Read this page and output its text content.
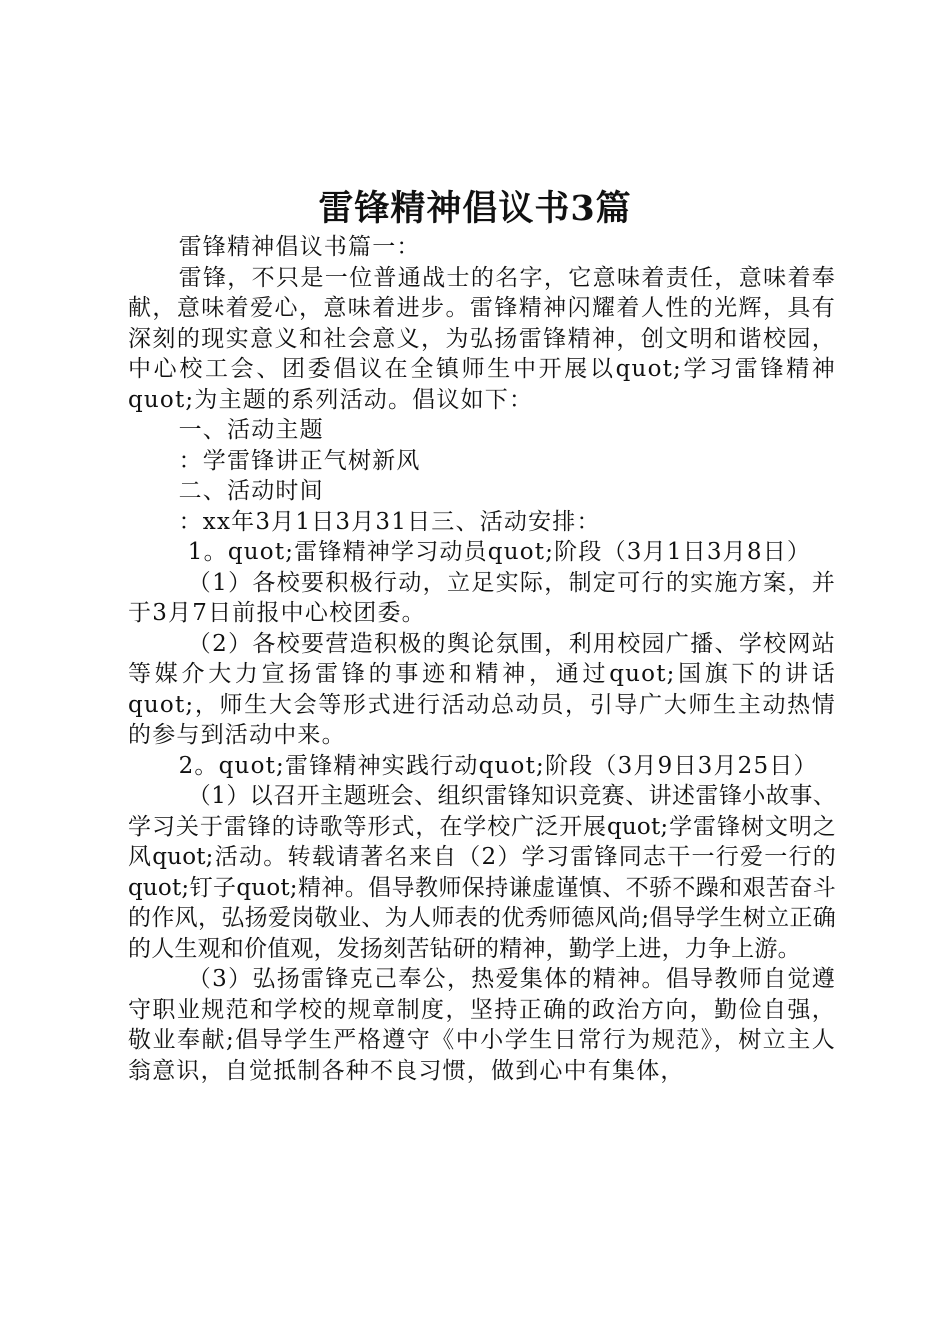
雷锋精神倡议书3篇

雷锋精神倡议书篇一：

雷锋，不只是一位普通战士的名字，它意味着责任，意味着奉献，意味着爱心，意味着进步。雷锋精神闪耀着人性的光辉，具有深刻的现实意义和社会意义，为弘扬雷锋精神，创文明和谐校园，中心校工会、团委倡议在全镇师生中开展以quot;学习雷锋精神quot;为主题的系列活动。倡议如下：

一、活动主题

：学雷锋讲正气树新风

二、活动时间

：xx年3月1日3月31日三、活动安排：

1。quot;雷锋精神学习动员quot;阶段（3月1日3月8日）

（1）各校要积极行动，立足实际，制定可行的实施方案，并于3月7日前报中心校团委。

（2）各校要营造积极的舆论氛围，利用校园广播、学校网站等媒介大力宣扬雷锋的事迹和精神，通过quot;国旗下的讲话quot;，师生大会等形式进行活动总动员，引导广大师生主动热情的参与到活动中来。

2。quot;雷锋精神实践行动quot;阶段（3月9日3月25日）

（1）以召开主题班会、组织雷锋知识竞赛、讲述雷锋小故事、学习关于雷锋的诗歌等形式，在学校广泛开展quot;学雷锋树文明之风quot;活动。转载请著名来自（2）学习雷锋同志干一行爱一行的quot;钉子quot;精神。倡导教师保持谦虚谨慎、不骄不躁和艰苦奋斗的作风，弘扬爱岗敬业、为人师表的优秀师德风尚;倡导学生树立正确的人生观和价值观，发扬刻苦钻研的精神，勤学上进，力争上游。

（3）弘扬雷锋克己奉公，热爱集体的精神。倡导教师自觉遵守职业规范和学校的规章制度，坚持正确的政治方向，勤俭自强，敬业奉献;倡导学生严格遵守《中小学生日常行为规范》，树立主人翁意识，自觉抵制各种不良习惯，做到心中有集体，
